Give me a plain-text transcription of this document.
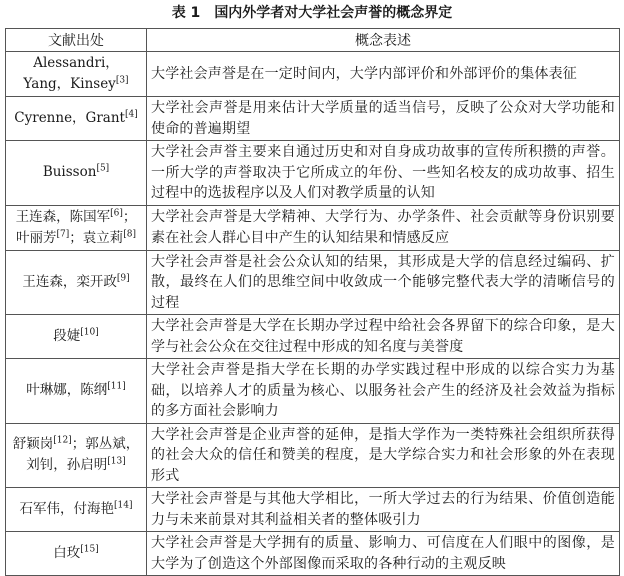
表 1 国内外学者对大学社会声誉的概念界定
文献出处	概念表述
Alessandri，Yang，Kinsey[3]	大学社会声誉是在一定时间内，大学内部评价和外部评价的集体表征
Cyrenne，Grant[4]	大学社会声誉是用来估计大学质量的适当信号，反映了公众对大学功能和使命的普遍期望
Buisson[5]	大学社会声誉主要来自通过历史和对自身成功故事的宣传所积攒的声誉。一所大学的声誉取决于它所成立的年份、一些知名校友的成功故事、招生过程中的选拔程序以及人们对教学质量的认知
王连森，陈国军[6]；叶丽芳[7]；袁立莉[8]	大学社会声誉是大学精神、大学行为、办学条件、社会贡献等身份识别要素在社会人群心目中产生的认知结果和情感反应
王连森，栾开政[9]	大学社会声誉是社会公众认知的结果，其形成是大学的信息经过编码、扩散，最终在人们的思维空间中收敛成一个能够完整代表大学的清晰信号的过程
段婕[10]	大学社会声誉是大学在长期办学过程中给社会各界留下的综合印象，是大学与社会公众在交往过程中形成的知名度与美誉度
叶琳娜，陈纲[11]	大学社会声誉是指大学在长期的办学实践过程中形成的以综合实力为基础，以培养人才的质量为核心、以服务社会产生的经济及社会效益为指标的多方面社会影响力
舒颖岗[12]；郭丛斌，刘钊，孙启明[13]	大学社会声誉是企业声誉的延伸，是指大学作为一类特殊社会组织所获得的社会大众的信任和赞美的程度，是大学综合实力和社会形象的外在表现形式
石军伟，付海艳[14]	大学社会声誉是与其他大学相比，一所大学过去的行为结果、价值创造能力与未来前景对其利益相关者的整体吸引力
白玫[15]	大学社会声誉是大学拥有的质量、影响力、可信度在人们眼中的图像，是大学为了创造这个外部图像而采取的各种行动的主观反映
